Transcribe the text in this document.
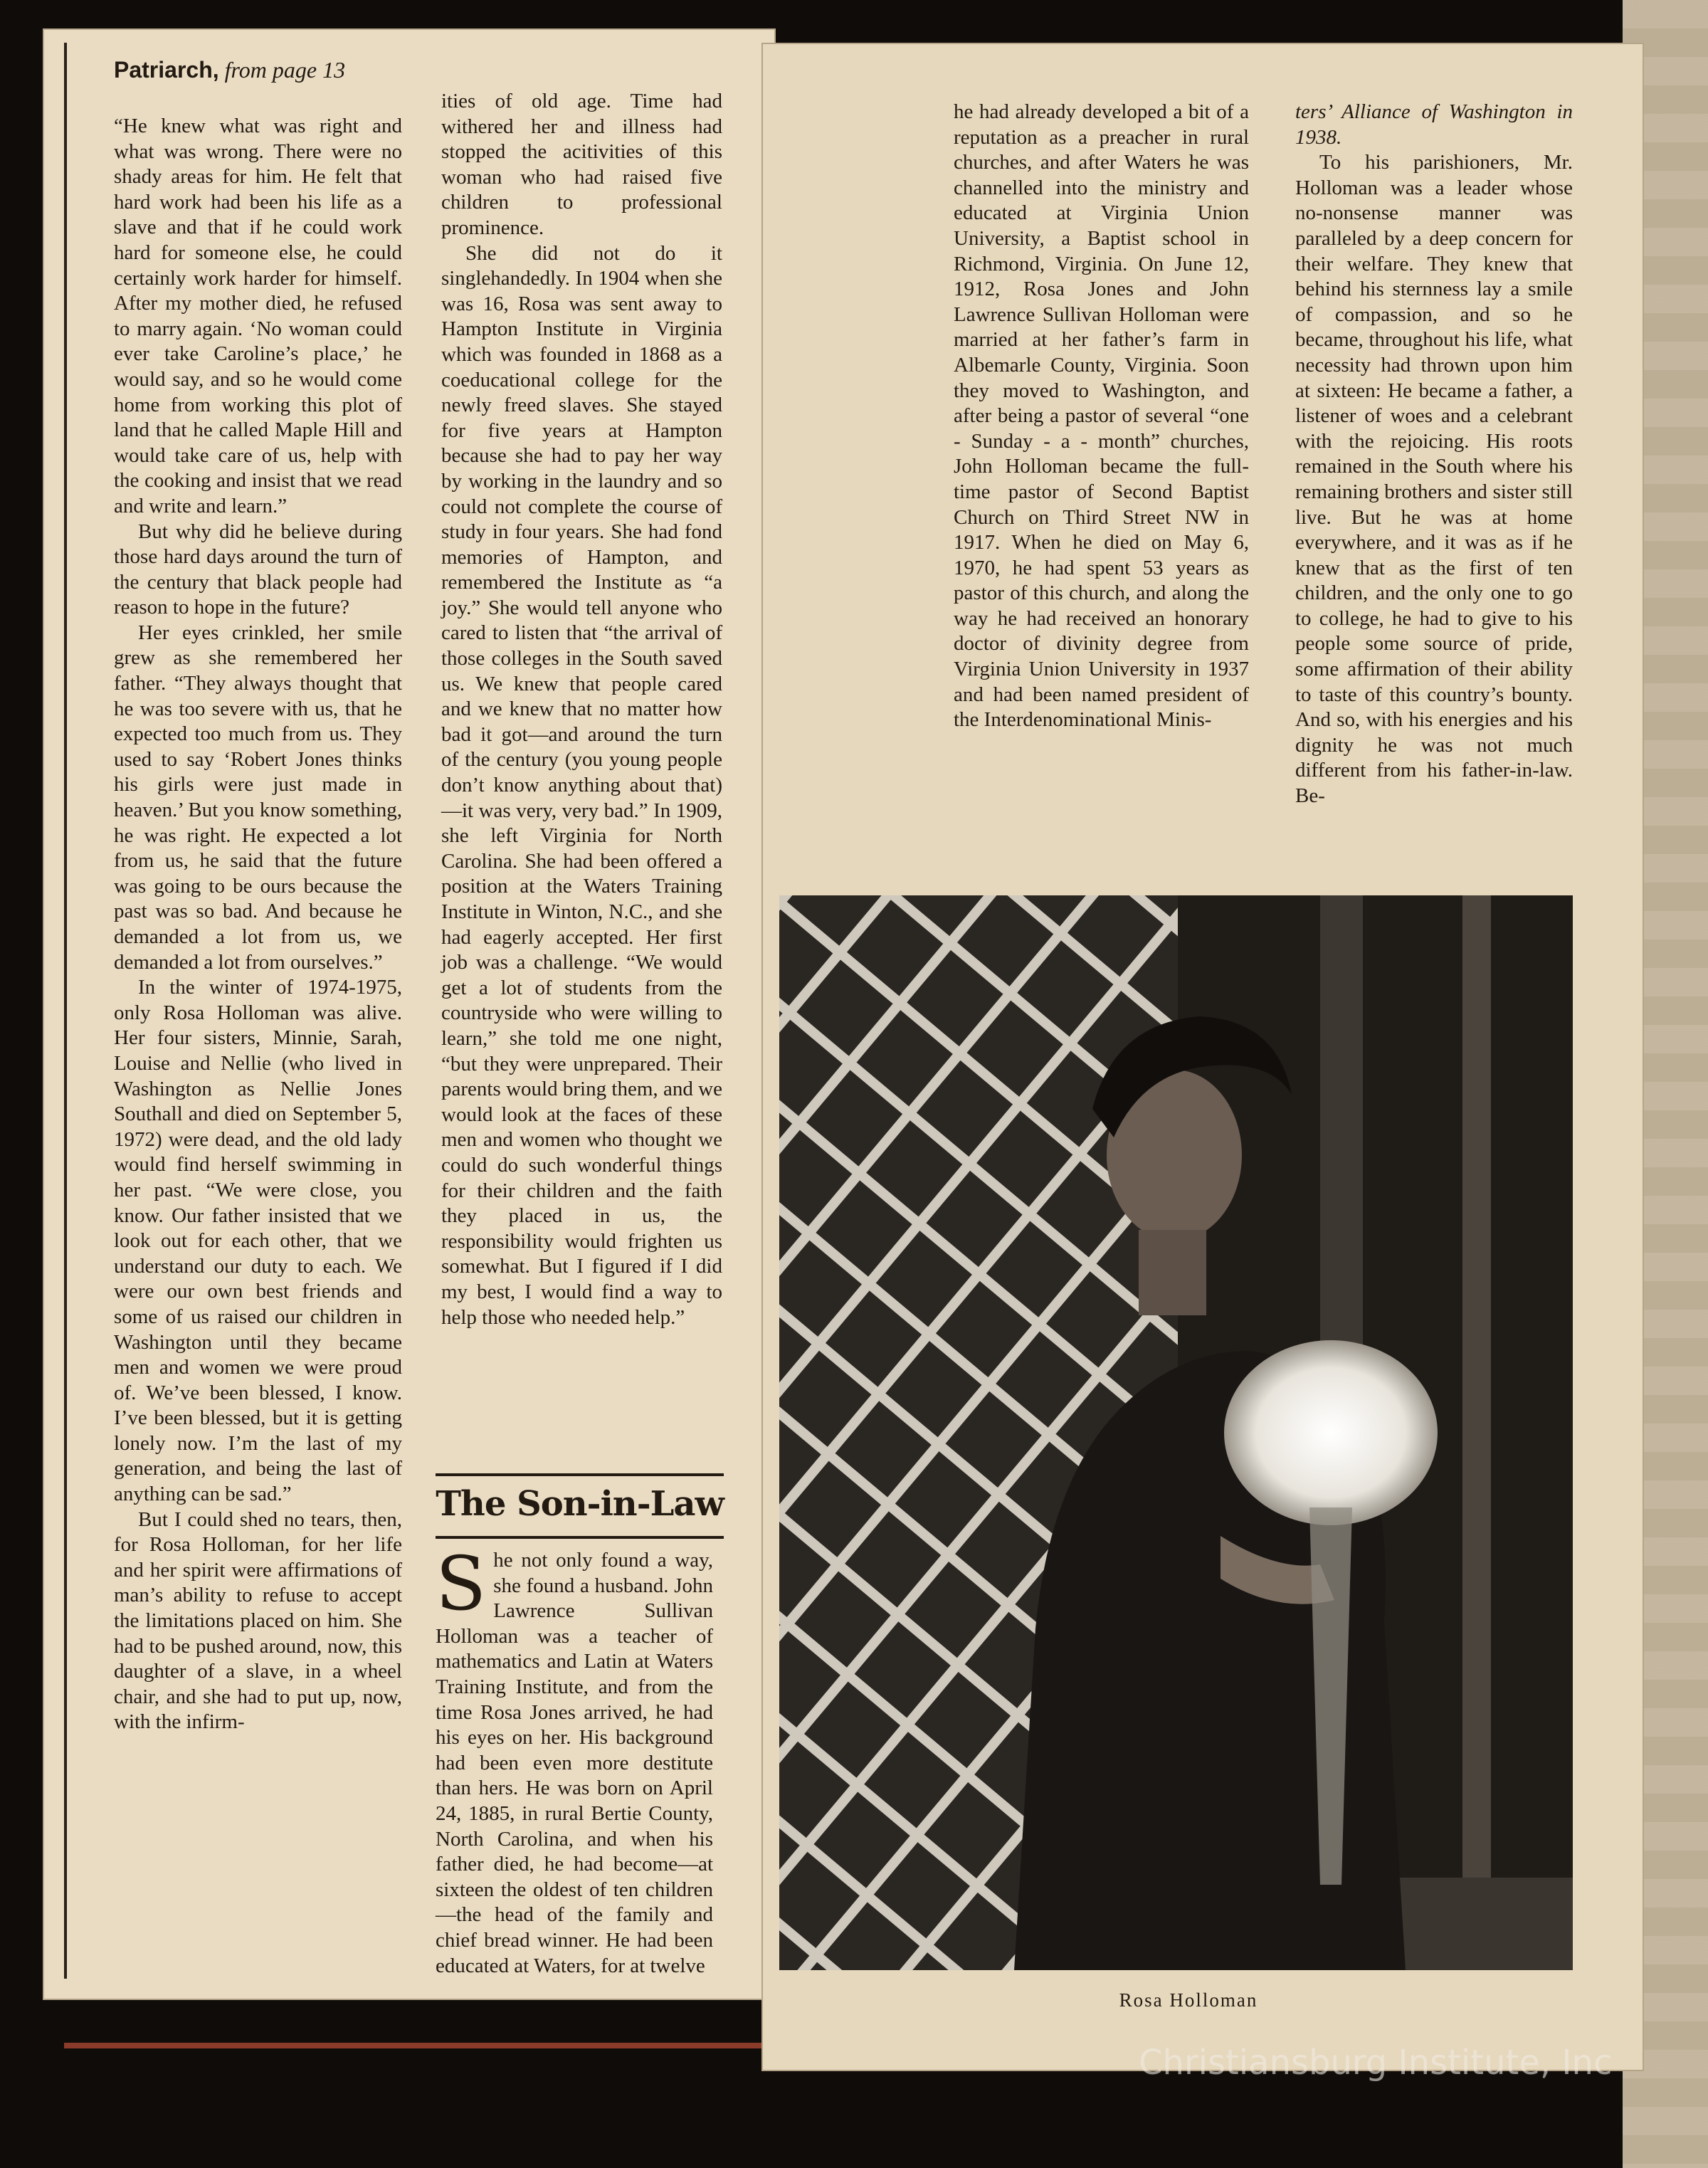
Patriarch, from page 13

“He knew what was right and what was wrong. There were no shady areas for him. He felt that hard work had been his life as a slave and that if he could work hard for someone else, he could certainly work harder for himself. After my mother died, he refused to marry again. ‘No woman could ever take Caroline’s place,’ he would say, and so he would come home from working this plot of land that he called Maple Hill and would take care of us, help with the cooking and insist that we read and write and learn.”

But why did he believe during those hard days around the turn of the century that black people had reason to hope in the future?

Her eyes crinkled, her smile grew as she remembered her father. “They always thought that he was too severe with us, that he expected too much from us. They used to say ‘Robert Jones thinks his girls were just made in heaven.’ But you know something, he was right. He expected a lot from us, he said that the future was going to be ours because the past was so bad. And because he demanded a lot from us, we demanded a lot from ourselves.”

In the winter of 1974-1975, only Rosa Holloman was alive. Her four sisters, Minnie, Sarah, Louise and Nellie (who lived in Washington as Nellie Jones Southall and died on September 5, 1972) were dead, and the old lady would find herself swimming in her past. “We were close, you know. Our father insisted that we look out for each other, that we understand our duty to each. We were our own best friends and some of us raised our children in Washington until they became men and women we were proud of. We’ve been blessed, I know. I’ve been blessed, but it is getting lonely now. I’m the last of my generation, and being the last of anything can be sad.”

But I could shed no tears, then, for Rosa Holloman, for her life and her spirit were affirmations of man’s ability to refuse to accept the limitations placed on him. She had to be pushed around, now, this daughter of a slave, in a wheel chair, and she had to put up, now, with the infirm-

ities of old age. Time had withered her and illness had stopped the acitivities of this woman who had raised five children to professional prominence.

She did not do it singlehandedly. In 1904 when she was 16, Rosa was sent away to Hampton Institute in Virginia which was founded in 1868 as a coeducational college for the newly freed slaves. She stayed for five years at Hampton because she had to pay her way by working in the laundry and so could not complete the course of study in four years. She had fond memories of Hampton, and remembered the Institute as “a joy.” She would tell anyone who cared to listen that “the arrival of those colleges in the South saved us. We knew that people cared and we knew that no matter how bad it got—and around the turn of the century (you young people don’t know anything about that)—it was very, very bad.” In 1909, she left Virginia for North Carolina. She had been offered a position at the Waters Training Institute in Winton, N.C., and she had eagerly accepted. Her first job was a challenge. “We would get a lot of students from the countryside who were willing to learn,” she told me one night, “but they were unprepared. Their parents would bring them, and we would look at the faces of these men and women who thought we could do such wonderful things for their children and the faith they placed in us, the responsibility would frighten us somewhat. But I figured if I did my best, I would find a way to help those who needed help.”

The Son-in-Law

She not only found a way, she found a husband. John Lawrence Sullivan Holloman was a teacher of mathematics and Latin at Waters Training Institute, and from the time Rosa Jones arrived, he had his eyes on her. His background had been even more destitute than hers. He was born on April 24, 1885, in rural Bertie County, North Carolina, and when his father died, he had become—at sixteen the oldest of ten children—the head of the family and chief bread winner. He had been educated at Waters, for at twelve

he had already developed a bit of a reputation as a preacher in rural churches, and after Waters he was channelled into the ministry and educated at Virginia Union University, a Baptist school in Richmond, Virginia. On June 12, 1912, Rosa Jones and John Lawrence Sullivan Holloman were married at her father’s farm in Albemarle County, Virginia. Soon they moved to Washington, and after being a pastor of several “one - Sunday - a - month” churches, John Holloman became the full-time pastor of Second Baptist Church on Third Street NW in 1917. When he died on May 6, 1970, he had spent 53 years as pastor of this church, and along the way he had received an honorary doctor of divinity degree from Virginia Union University in 1937 and had been named president of the Interdenominational Minis-

ters’ Alliance of Washington in 1938.

To his parishioners, Mr. Holloman was a leader whose no-nonsense manner was paralleled by a deep concern for their welfare. They knew that behind his sternness lay a smile of compassion, and so he became, throughout his life, what necessity had thrown upon him at sixteen: He became a father, a listener of woes and a celebrant with the rejoicing. His roots remained in the South where his remaining brothers and sister still live. But he was at home everywhere, and it was as if he knew that as the first of ten children, and the only one to go to college, he had to give to his people some source of pride, some affirmation of their ability to taste of this country’s bounty. And so, with his energies and his dignity he was not much different from his father-in-law. Be-

Rosa Holloman
Christiansburg Institute, Inc
